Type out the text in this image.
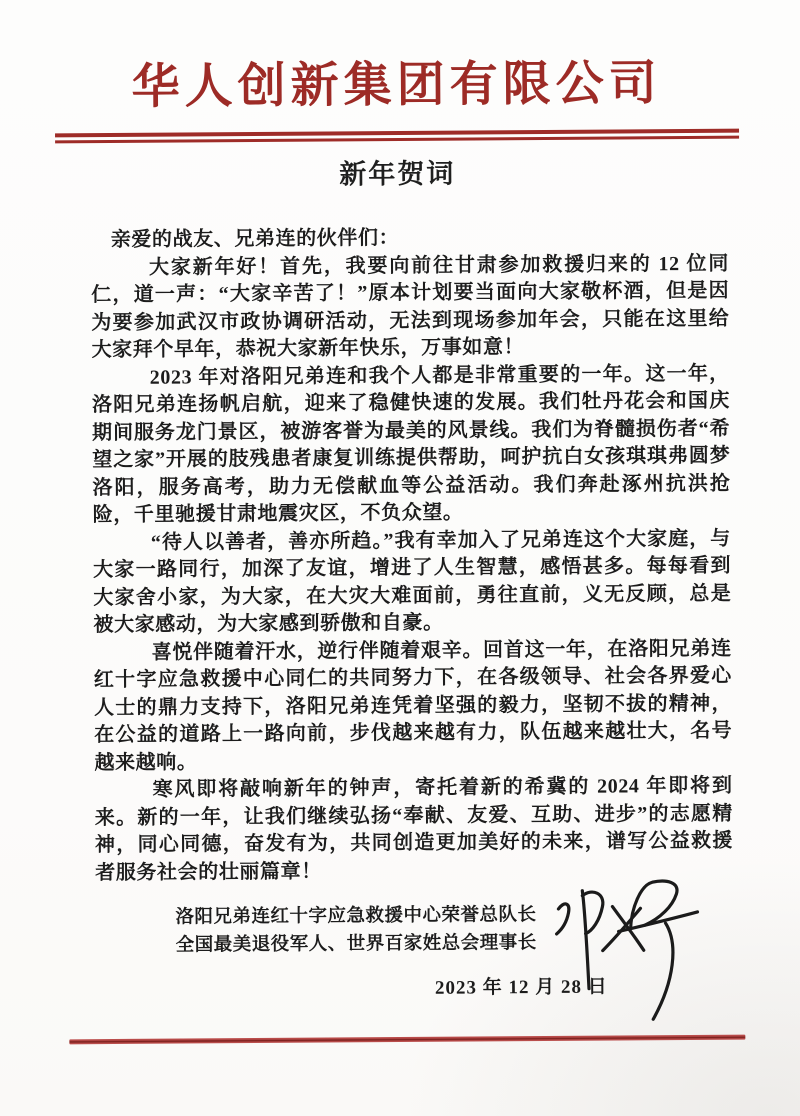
华人创新集团有限公司
新年贺词

亲爱的战友、兄弟连的伙伴们：

大家新年好！首先，我要向前往甘肃参加救援归来的 12 位同仁，道一声：“大家辛苦了！”原本计划要当面向大家敬杯酒，但是因为要参加武汉市政协调研活动，无法到现场参加年会，只能在这里给大家拜个早年，恭祝大家新年快乐，万事如意！

2023 年对洛阳兄弟连和我个人都是非常重要的一年。这一年，洛阳兄弟连扬帆启航，迎来了稳健快速的发展。我们牡丹花会和国庆期间服务龙门景区，被游客誉为最美的风景线。我们为脊髓损伤者“希望之家”开展的肢残患者康复训练提供帮助，呵护抗白女孩琪琪弗圆梦洛阳，服务高考，助力无偿献血等公益活动。我们奔赴涿州抗洪抢险，千里驰援甘肃地震灾区，不负众望。

“待人以善者，善亦所趋。”我有幸加入了兄弟连这个大家庭，与大家一路同行，加深了友谊，增进了人生智慧，感悟甚多。每每看到大家舍小家，为大家，在大灾大难面前，勇往直前，义无反顾，总是被大家感动，为大家感到骄傲和自豪。

喜悦伴随着汗水，逆行伴随着艰辛。回首这一年，在洛阳兄弟连红十字应急救援中心同仁的共同努力下，在各级领导、社会各界爱心人士的鼎力支持下，洛阳兄弟连凭着坚强的毅力，坚韧不拔的精神，在公益的道路上一路向前，步伐越来越有力，队伍越来越壮大，名号越来越响。

寒风即将敲响新年的钟声，寄托着新的希冀的 2024 年即将到来。新的一年，让我们继续弘扬“奉献、友爱、互助、进步”的志愿精神，同心同德，奋发有为，共同创造更加美好的未来，谱写公益救援者服务社会的壮丽篇章！

洛阳兄弟连红十字应急救援中心荣誉总队长
全国最美退役军人、世界百家姓总会理事长
2023 年 12 月 28 日
